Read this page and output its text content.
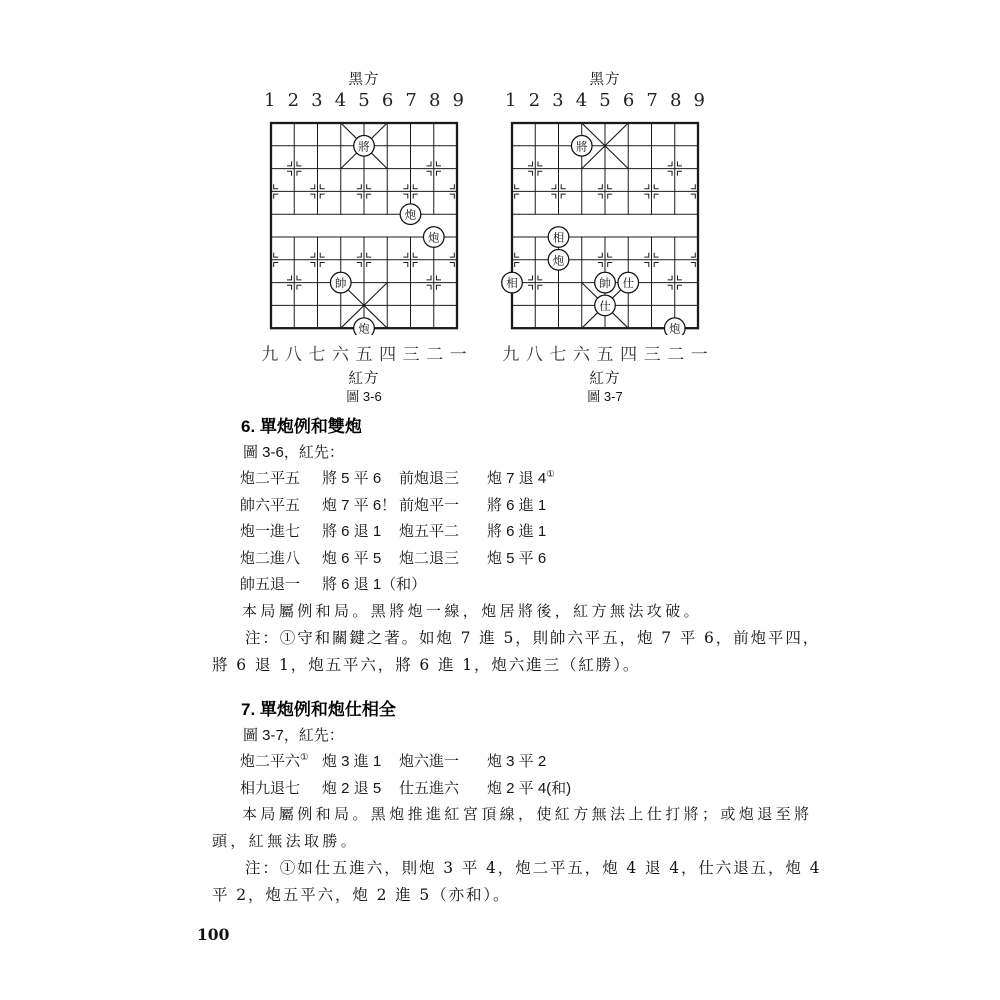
黑方
1 2 3 4 5 6 7 8 9
將
炮
炮
帥
炮
九 八 七 六 五 四 三 二 一
紅方
圖 3-6
黑方
1 2 3 4 5 6 7 8 9
將
相
炮
相	帥 仕
仕
炮
九 八 七 六 五 四 三 二 一
紅方
圖 3-7
6. 單炮例和雙炮
圖 3-6，紅先：
炮二平五 將 5 平 6 前炮退三 炮 7 退 4①
帥六平五 炮 7 平 6！ 前炮平一 將 6 進 1
炮一進七 將 6 退 1 炮五平二 將 6 進 1
炮二進八 炮 6 平 5 炮二退三 炮 5 平 6
帥五退一 將 6 退 1（和）
本局屬例和局。黑將炮一線，炮居將後，紅方無法攻破。
注：①守和關鍵之著。如炮 7 進 5，則帥六平五，炮 7 平 6，前炮平四，
將 6 退 1，炮五平六，將 6 進 1，炮六進三（紅勝）。
7. 單炮例和炮仕相全
圖 3-7，紅先：
炮二平六① 炮 3 進 1 炮六進一 炮 3 平 2
相九退七 炮 2 退 5 仕五進六 炮 2 平 4(和)
本局屬例和局。黑炮推進紅宮頂線，使紅方無法上仕打將；或炮退至將
頭，紅無法取勝。
注：①如仕五進六，則炮 3 平 4，炮二平五，炮 4 退 4，仕六退五，炮 4
平 2，炮五平六，炮 2 進 5（亦和）。
100
